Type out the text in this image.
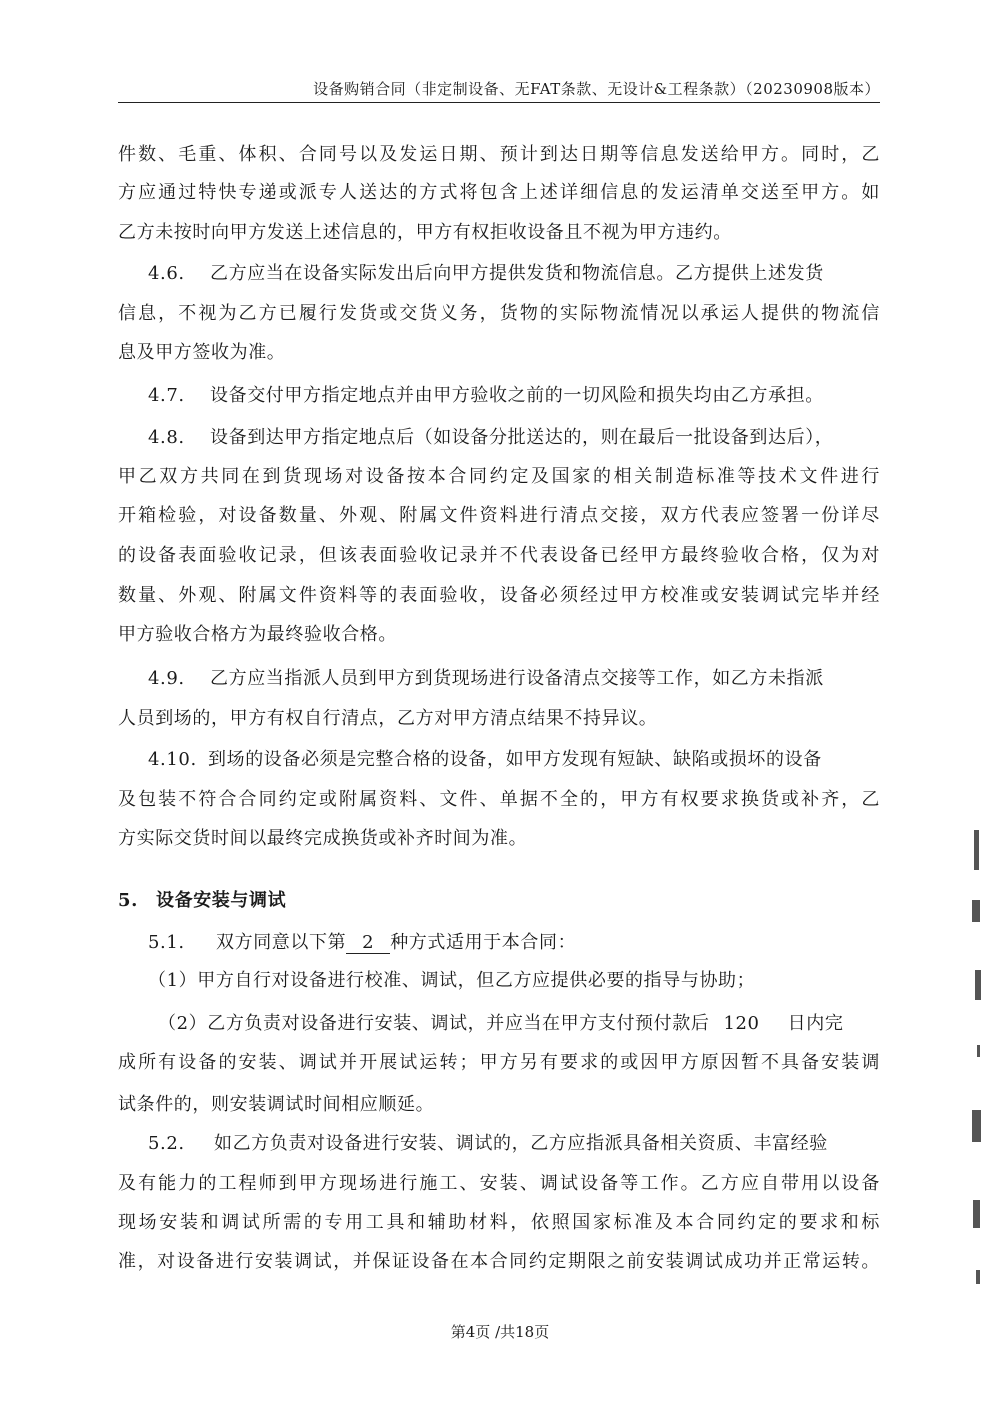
设备购销合同（非定制设备、无FAT条款、无设计&工程条款）（20230908版本）
件数、毛重、体积、合同号以及发运日期、预计到达日期等信息发送给甲方。同时，乙
方应通过特快专递或派专人送达的方式将包含上述详细信息的发运清单交送至甲方。如
乙方未按时向甲方发送上述信息的，甲方有权拒收设备且不视为甲方违约。
4.6. 乙方应当在设备实际发出后向甲方提供发货和物流信息。乙方提供上述发货
信息，不视为乙方已履行发货或交货义务，货物的实际物流情况以承运人提供的物流信
息及甲方签收为准。
4.7. 设备交付甲方指定地点并由甲方验收之前的一切风险和损失均由乙方承担。
4.8. 设备到达甲方指定地点后（如设备分批送达的，则在最后一批设备到达后），
甲乙双方共同在到货现场对设备按本合同约定及国家的相关制造标准等技术文件进行
开箱检验，对设备数量、外观、附属文件资料进行清点交接，双方代表应签署一份详尽
的设备表面验收记录，但该表面验收记录并不代表设备已经甲方最终验收合格，仅为对
数量、外观、附属文件资料等的表面验收，设备必须经过甲方校准或安装调试完毕并经
甲方验收合格方为最终验收合格。
4.9. 乙方应当指派人员到甲方到货现场进行设备清点交接等工作，如乙方未指派
人员到场的，甲方有权自行清点，乙方对甲方清点结果不持异议。
4.10. 到场的设备必须是完整合格的设备，如甲方发现有短缺、缺陷或损坏的设备
及包装不符合合同约定或附属资料、文件、单据不全的，甲方有权要求换货或补齐，乙
方实际交货时间以最终完成换货或补齐时间为准。
5. 设备安装与调试
5.1. 双方同意以下第 2 种方式适用于本合同：
（1）甲方自行对设备进行校准、调试，但乙方应提供必要的指导与协助；
（2）乙方负责对设备进行安装、调试，并应当在甲方支付预付款后 120 日内完
成所有设备的安装、调试并开展试运转；甲方另有要求的或因甲方原因暂不具备安装调
试条件的，则安装调试时间相应顺延。
5.2. 如乙方负责对设备进行安装、调试的，乙方应指派具备相关资质、丰富经验
及有能力的工程师到甲方现场进行施工、安装、调试设备等工作。乙方应自带用以设备
现场安装和调试所需的专用工具和辅助材料，依照国家标准及本合同约定的要求和标
准，对设备进行安装调试，并保证设备在本合同约定期限之前安装调试成功并正常运转。
第4页 /共18页
